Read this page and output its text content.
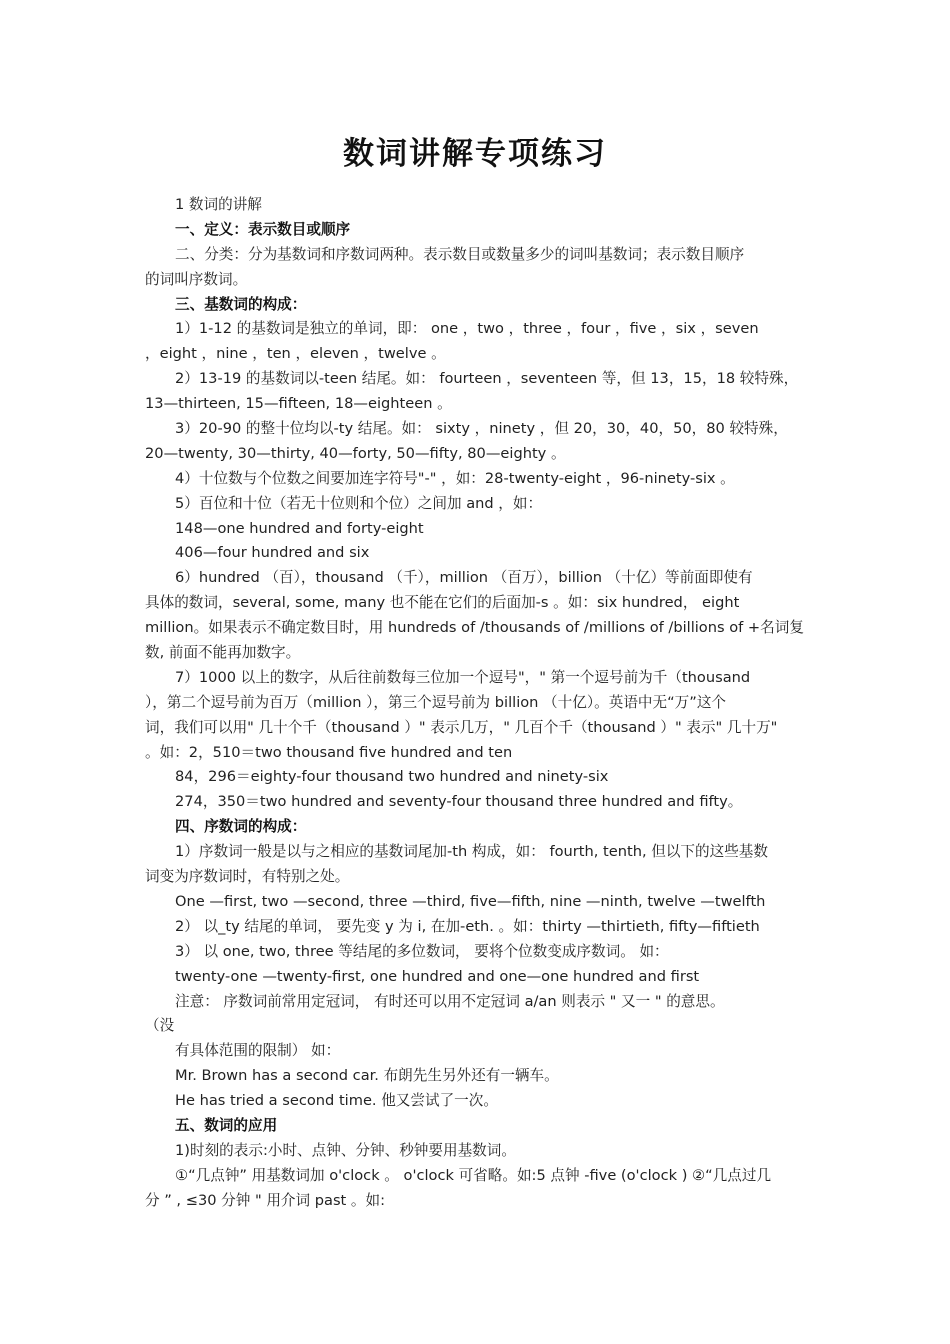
数词讲解专项练习
1 数词的讲解
一、定义：表示数目或顺序
二、分类：分为基数词和序数词两种。表示数目或数量多少的词叫基数词；表示数目顺序
的词叫序数词。
三、基数词的构成：
1）1-12 的基数词是独立的单词，即： one ，two ，three ，four ，five ，six ，seven
，eight ，nine ，ten ，eleven ，twelve 。
2）13-19 的基数词以-teen 结尾。如： fourteen ，seventeen 等，但 13，15，18 较特殊，
13—thirteen, 15—fifteen, 18—eighteen 。
3）20-90 的整十位均以-ty 结尾。如： sixty ，ninety ，但 20，30，40，50，80 较特殊，
20—twenty, 30—thirty, 40—forty, 50—fifty, 80—eighty 。
4）十位数与个位数之间要加连字符号"-" ，如：28-twenty-eight ，96-ninety-six 。
5）百位和十位（若无十位则和个位）之间加 and ，如：
148—one hundred and forty-eight
406—four hundred and six
6）hundred （百），thousand （千），million （百万），billion （十亿）等前面即使有
具体的数词，several, some, many 也不能在它们的后面加-s 。如：six hundred， eight
million。如果表示不确定数目时，用 hundreds of /thousands of /millions of /billions of +名词复
数, 前面不能再加数字。
7）1000 以上的数字，从后往前数每三位加一个逗号"，" 第一个逗号前为千（thousand
），第二个逗号前为百万（million ），第三个逗号前为 billion （十亿）。英语中无“万”这个
词，我们可以用" 几十个千（thousand ）" 表示几万，" 几百个千（thousand ）" 表示" 几十万"
。如：2，510＝two thousand five hundred and ten
84，296＝eighty-four thousand two hundred and ninety-six
274，350＝two hundred and seventy-four thousand three hundred and fifty。
四、序数词的构成：
1）序数词一般是以与之相应的基数词尾加-th 构成，如： fourth, tenth, 但以下的这些基数
词变为序数词时，有特别之处。
One —first, two —second, three —third, five—fifth, nine —ninth, twelve —twelfth
2） 以_ty 结尾的单词， 要先变 y 为 i, 在加-eth. 。如：thirty —thirtieth, fifty—fiftieth
3） 以 one, two, three 等结尾的多位数词， 要将个位数变成序数词。 如：
twenty-one —twenty-first, one hundred and one—one hundred and first
注意： 序数词前常用定冠词， 有时还可以用不定冠词 a/an 则表示 " 又一 " 的意思。
（没
有具体范围的限制） 如：
Mr. Brown has a second car. 布朗先生另外还有一辆车。
He has tried a second time. 他又尝试了一次。
五、数词的应用
1)时刻的表示:小时、点钟、分钟、秒钟要用基数词。
①“几点钟” 用基数词加 o'clock 。 o'clock 可省略。如:5 点钟 -five (o'clock ) ②“几点过几
分 ” , ≤30 分钟 " 用介词 past 。如:
